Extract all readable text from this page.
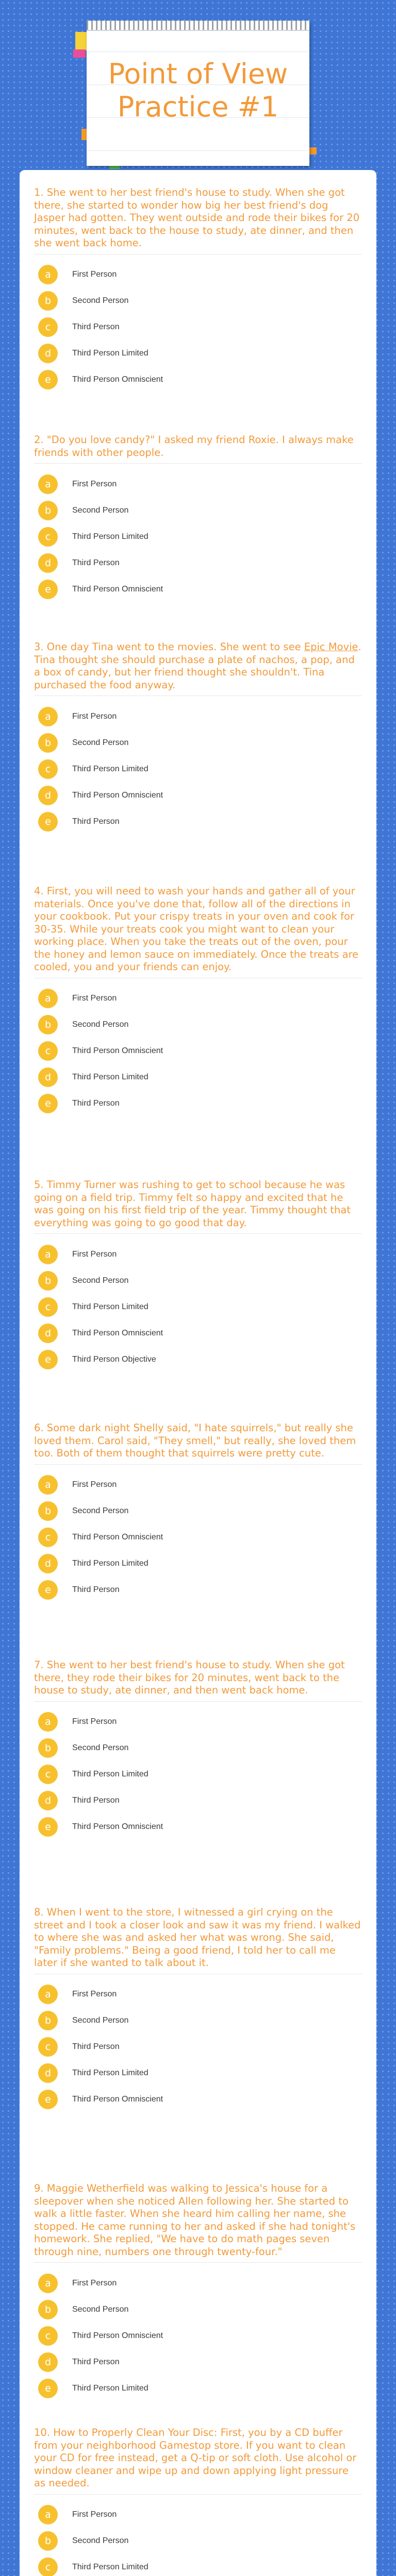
Point of View Practice #1

1. She went to her best friend's house to study. When she got there, she started to wonder how big her best friend's dog Jasper had gotten. They went outside and rode their bikes for 20 minutes, went back to the house to study, ate dinner, and then she went back home.

a	First Person
b	Second Person
c	Third Person
d	Third Person Limited
e	Third Person Omniscient

2. "Do you love candy?" I asked my friend Roxie. I always make friends with other people.

a	First Person
b	Second Person
c	Third Person Limited
d	Third Person
e	Third Person Omniscient

3. One day Tina went to the movies. She went to see Epic Movie. Tina thought she should purchase a plate of nachos, a pop, and a box of candy, but her friend thought she shouldn't. Tina purchased the food anyway.

a	First Person
b	Second Person
c	Third Person Limited
d	Third Person Omniscient
e	Third Person

4. First, you will need to wash your hands and gather all of your materials. Once you've done that, follow all of the directions in your cookbook. Put your crispy treats in your oven and cook for 30-35. While your treats cook you might want to clean your working place. When you take the treats out of the oven, pour the honey and lemon sauce on immediately. Once the treats are cooled, you and your friends can enjoy.

a	First Person
b	Second Person
c	Third Person Omniscient
d	Third Person Limited
e	Third Person

5. Timmy Turner was rushing to get to school because he was going on a field trip. Timmy felt so happy and excited that he was going on his first field trip of the year. Timmy thought that everything was going to go good that day.

a	First Person
b	Second Person
c	Third Person Limited
d	Third Person Omniscient
e	Third Person Objective

6. Some dark night Shelly said, "I hate squirrels," but really she loved them. Carol said, "They smell," but really, she loved them too. Both of them thought that squirrels were pretty cute.

a	First Person
b	Second Person
c	Third Person Omniscient
d	Third Person Limited
e	Third Person

7. She went to her best friend's house to study. When she got there, they rode their bikes for 20 minutes, went back to the house to study, ate dinner, and then went back home.

a	First Person
b	Second Person
c	Third Person Limited
d	Third Person
e	Third Person Omniscient

8. When I went to the store, I witnessed a girl crying on the street and I took a closer look and saw it was my friend. I walked to where she was and asked her what was wrong. She said, "Family problems." Being a good friend, I told her to call me later if she wanted to talk about it.

a	First Person
b	Second Person
c	Third Person
d	Third Person Limited
e	Third Person Omniscient

9. Maggie Wetherfield was walking to Jessica's house for a sleepover when she noticed Allen following her. She started to walk a little faster. When she heard him calling her name, she stopped. He came running to her and asked if she had tonight's homework. She replied, "We have to do math pages seven through nine, numbers one through twenty-four."

a	First Person
b	Second Person
c	Third Person Omniscient
d	Third Person
e	Third Person Limited

10. How to Properly Clean Your Disc: First, you by a CD buffer from your neighborhood Gamestop store. If you want to clean your CD for free instead, get a Q-tip or soft cloth. Use alcohol or window cleaner and wipe up and down applying light pressure as needed.

a	First Person
b	Second Person
c	Third Person Limited
